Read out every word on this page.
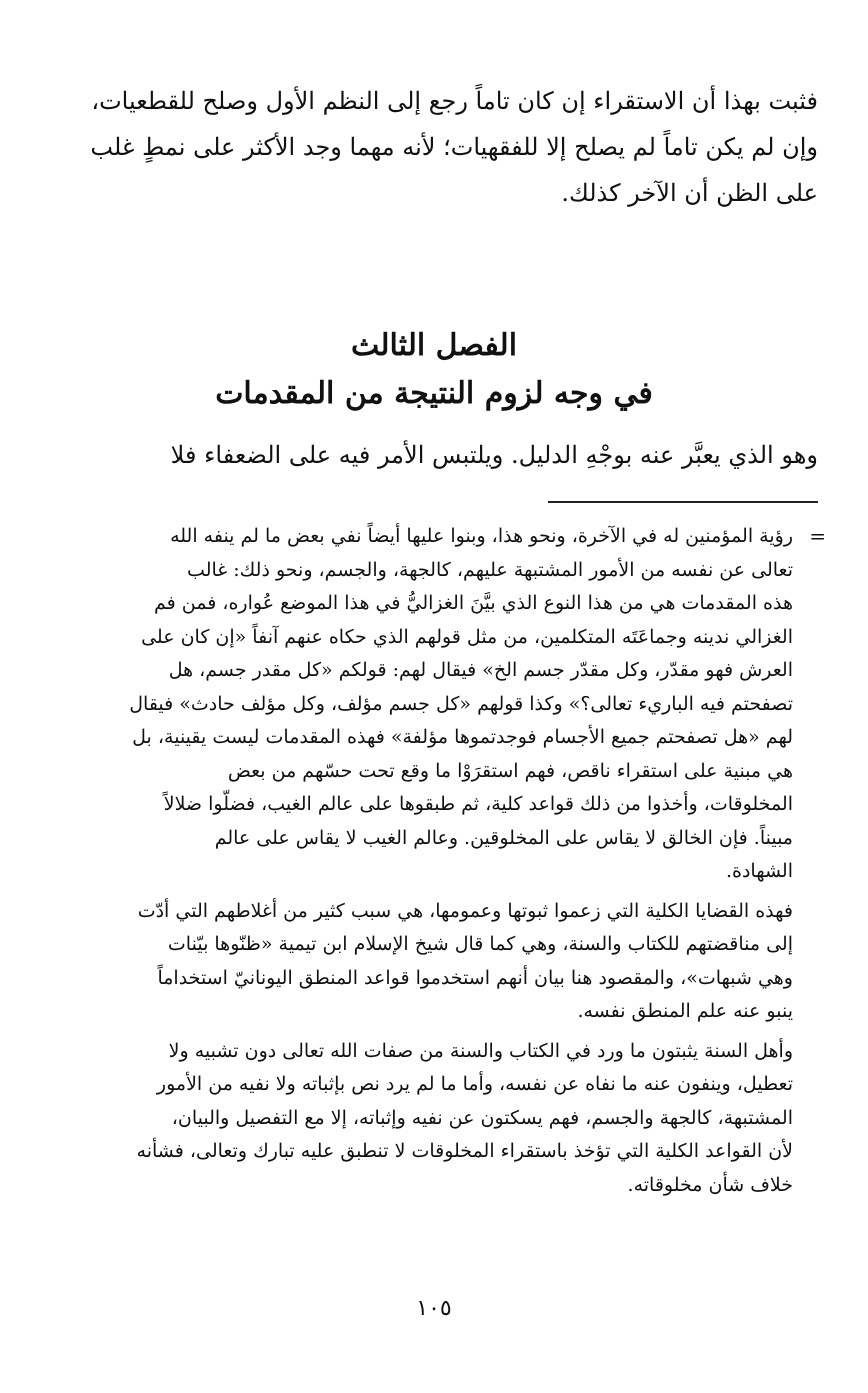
فثبت بهذا أن الاستقراء إن كان تاماً رجع إلى النظم الأول وصلح للقطعيات،
وإن لم يكن تاماً لم يصلح إلا للفقهيات؛ لأنه مهما وجد الأكثر على نمطٍ غلب
على الظن أن الآخر كذلك.
الفصل الثالث
في وجه لزوم النتيجة من المقدمات
وهو الذي يعبَّر عنه بوجْهِ الدليل. ويلتبس الأمر فيه على الضعفاء فلا
=

رؤية المؤمنين له في الآخرة، ونحو هذا، وبنوا عليها أيضاً نفي بعض ما لم ينفه الله
تعالى عن نفسه من الأمور المشتبهة عليهم، كالجهة، والجسم، ونحو ذلك: غالب
هذه المقدمات هي من هذا النوع الذي بيَّنَ الغزاليُّ في هذا الموضع عُواره، فمن فم
الغزالي ندينه وجماعَتَه المتكلمين، من مثل قولهم الذي حكاه عنهم آنفاً «إن كان على
العرش فهو مقدّر، وكل مقدّر جسم الخ» فيقال لهم: قولكم «كل مقدر جسم، هل
تصفحتم فيه الباريء تعالى؟» وكذا قولهم «كل جسم مؤلف، وكل مؤلف حادث» فيقال
لهم «هل تصفحتم جميع الأجسام فوجدتموها مؤلفة» فهذه المقدمات ليست يقينية، بل
هي مبنية على استقراء ناقص، فهم استقرَوْا ما وقع تحت حسّهم من بعض
المخلوقات، وأخذوا من ذلك قواعد كلية، ثم طبقوها على عالم الغيب، فضلّوا ضلالاً
مبيناً. فإن الخالق لا يقاس على المخلوقين. وعالم الغيب لا يقاس على عالم
الشهادة.

فهذه القضايا الكلية التي زعموا ثبوتها وعمومها، هي سبب كثير من أغلاطهم التي أدّت
إلى مناقضتهم للكتاب والسنة، وهي كما قال شيخ الإسلام ابن تيمية «ظنّوها بيّنات
وهي شبهات»، والمقصود هنا بيان أنهم استخدموا قواعد المنطق اليونانيّ استخداماً
ينبو عنه علم المنطق نفسه.

وأهل السنة يثبتون ما ورد في الكتاب والسنة من صفات الله تعالى دون تشبيه ولا
تعطيل، وينفون عنه ما نفاه عن نفسه، وأما ما لم يرد نص بإثباته ولا نفيه من الأمور
المشتبهة، كالجهة والجسم، فهم يسكتون عن نفيه وإثباته، إلا مع التفصيل والبيان،
لأن القواعد الكلية التي تؤخذ باستقراء المخلوقات لا تنطبق عليه تبارك وتعالى، فشأنه
خلاف شأن مخلوقاته.

١٠٥
